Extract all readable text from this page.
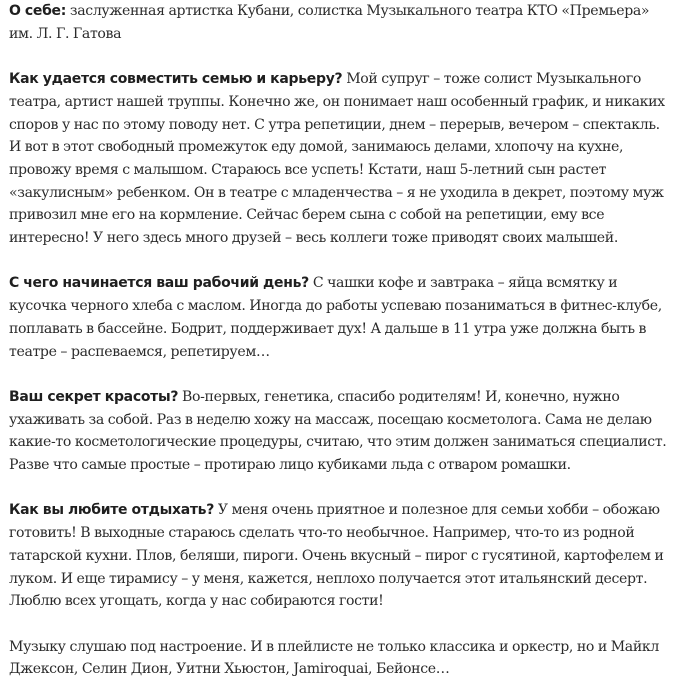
О себе: заслуженная артистка Кубани, солистка Музыкального театра КТО «Премьера» им. Л. Г. Гатова

Как удается совместить семью и карьеру? Мой супруг – тоже солист Музыкального театра, артист нашей труппы. Конечно же, он понимает наш особенный график, и никаких споров у нас по этому поводу нет. С утра репетиции, днем – перерыв, вечером – спектакль. И вот в этот свободный промежуток еду домой, занимаюсь делами, хлопочу на кухне, провожу время с малышом. Стараюсь все успеть! Кстати, наш 5-летний сын растет «закулисным» ребенком. Он в театре с младенчества – я не уходила в декрет, поэтому муж привозил мне его на кормление. Сейчас берем сына с собой на репетиции, ему все интересно! У него здесь много друзей – весь коллеги тоже приводят своих малышей.

С чего начинается ваш рабочий день? С чашки кофе и завтрака – яйца всмятку и кусочка черного хлеба с маслом. Иногда до работы успеваю позаниматься в фитнес-клубе, поплавать в бассейне. Бодрит, поддерживает дух! А дальше в 11 утра уже должна быть в театре – распеваемся, репетируем…

Ваш секрет красоты? Во-первых, генетика, спасибо родителям! И, конечно, нужно ухаживать за собой. Раз в неделю хожу на массаж, посещаю косметолога. Сама не делаю какие-то косметологические процедуры, считаю, что этим должен заниматься специалист. Разве что самые простые – протираю лицо кубиками льда с отваром ромашки.

Как вы любите отдыхать? У меня очень приятное и полезное для семьи хобби – обожаю готовить! В выходные стараюсь сделать что-то необычное. Например, что-то из родной татарской кухни. Плов, беляши, пироги. Очень вкусный – пирог с гусятиной, картофелем и луком. И еще тирамису – у меня, кажется, неплохо получается этот итальянский десерт. Люблю всех угощать, когда у нас собираются гости!

Музыку слушаю под настроение. И в плейлисте не только классика и оркестр, но и Майкл Джексон, Селин Дион, Уитни Хьюстон, Jamiroquai, Бейонсе…
